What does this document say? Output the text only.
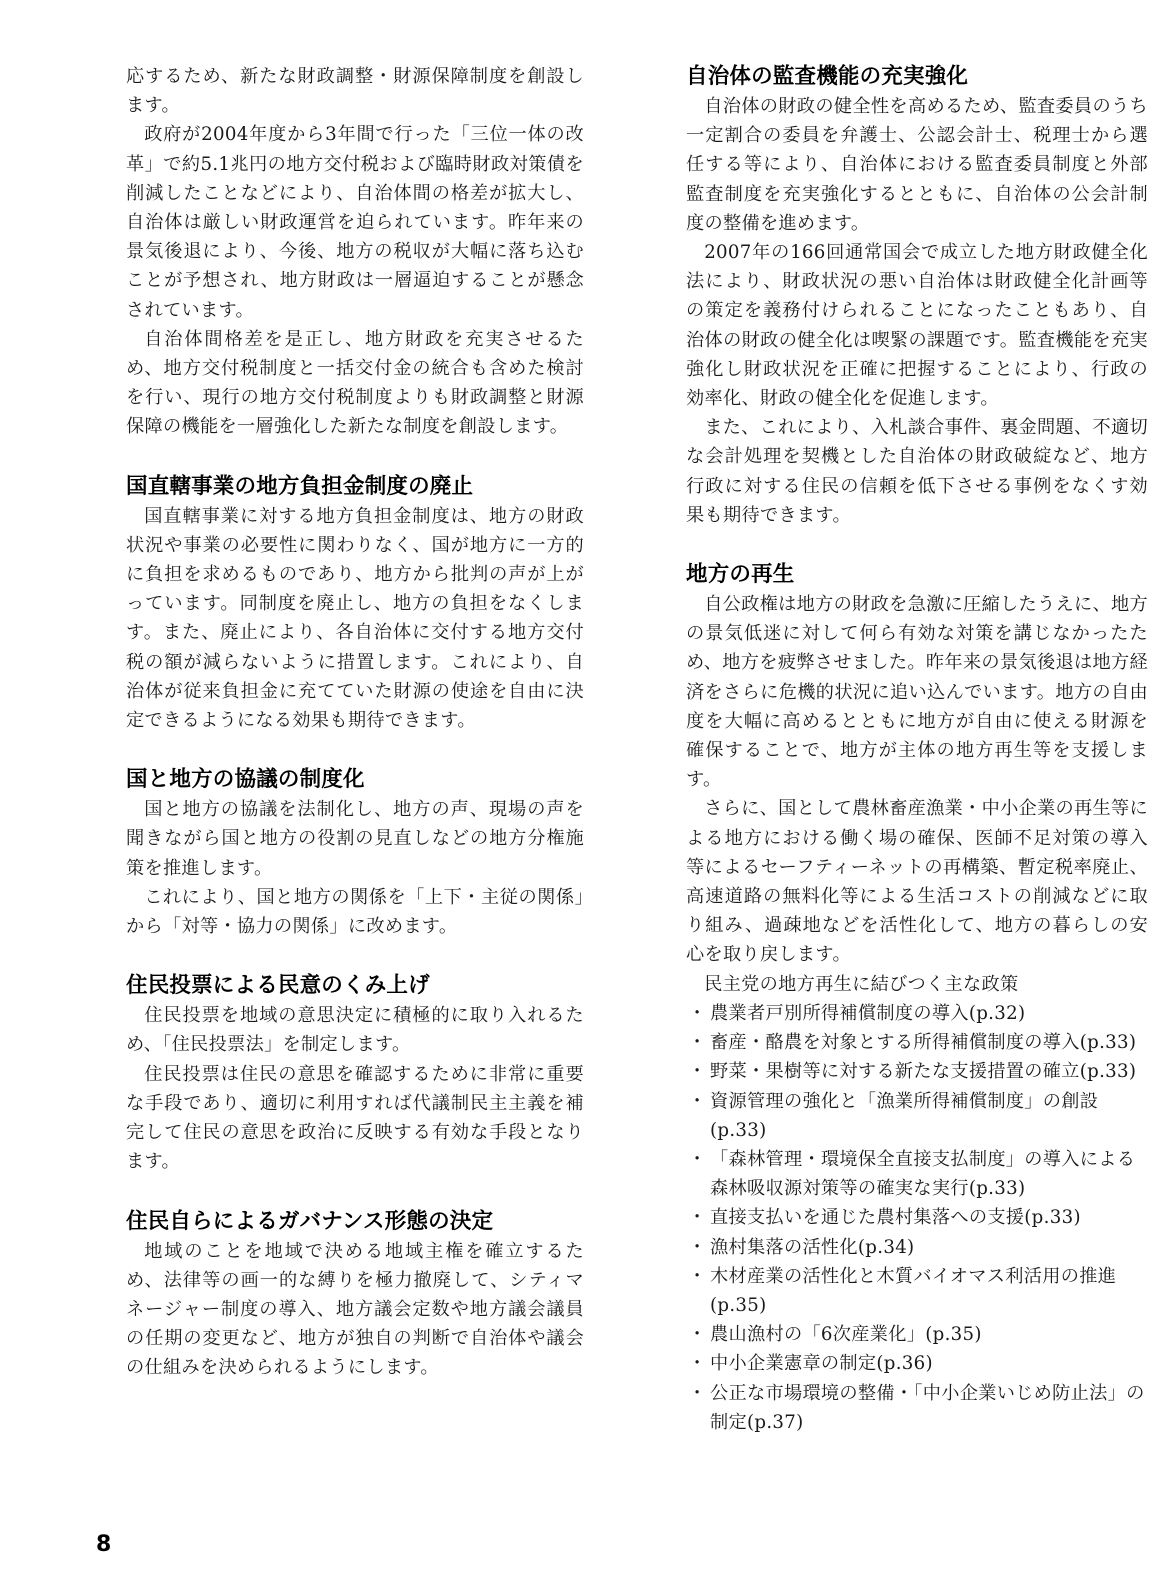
応するため、新たな財政調整・財源保障制度を創設します。

政府が2004年度から3年間で行った「三位一体の改革」で約5.1兆円の地方交付税および臨時財政対策債を削減したことなどにより、自治体間の格差が拡大し、自治体は厳しい財政運営を迫られています。昨年来の景気後退により、今後、地方の税収が大幅に落ち込むことが予想され、地方財政は一層逼迫することが懸念されています。

自治体間格差を是正し、地方財政を充実させるため、地方交付税制度と一括交付金の統合も含めた検討を行い、現行の地方交付税制度よりも財政調整と財源保障の機能を一層強化した新たな制度を創設します。

国直轄事業の地方負担金制度の廃止

国直轄事業に対する地方負担金制度は、地方の財政状況や事業の必要性に関わりなく、国が地方に一方的に負担を求めるものであり、地方から批判の声が上がっています。同制度を廃止し、地方の負担をなくします。また、廃止により、各自治体に交付する地方交付税の額が減らないように措置します。これにより、自治体が従来負担金に充てていた財源の使途を自由に決定できるようになる効果も期待できます。

国と地方の協議の制度化

国と地方の協議を法制化し、地方の声、現場の声を聞きながら国と地方の役割の見直しなどの地方分権施策を推進します。

これにより、国と地方の関係を「上下・主従の関係」から「対等・協力の関係」に改めます。

住民投票による民意のくみ上げ

住民投票を地域の意思決定に積極的に取り入れるため、「住民投票法」を制定します。

住民投票は住民の意思を確認するために非常に重要な手段であり、適切に利用すれば代議制民主主義を補完して住民の意思を政治に反映する有効な手段となります。

住民自らによるガバナンス形態の決定

地域のことを地域で決める地域主権を確立するため、法律等の画一的な縛りを極力撤廃して、シティマネージャー制度の導入、地方議会定数や地方議会議員の任期の変更など、地方が独自の判断で自治体や議会の仕組みを決められるようにします。

自治体の監査機能の充実強化

自治体の財政の健全性を高めるため、監査委員のうち一定割合の委員を弁護士、公認会計士、税理士から選任する等により、自治体における監査委員制度と外部監査制度を充実強化するとともに、自治体の公会計制度の整備を進めます。

2007年の166回通常国会で成立した地方財政健全化法により、財政状況の悪い自治体は財政健全化計画等の策定を義務付けられることになったこともあり、自治体の財政の健全化は喫緊の課題です。監査機能を充実強化し財政状況を正確に把握することにより、行政の効率化、財政の健全化を促進します。

また、これにより、入札談合事件、裏金問題、不適切な会計処理を契機とした自治体の財政破綻など、地方行政に対する住民の信頼を低下させる事例をなくす効果も期待できます。

地方の再生

自公政権は地方の財政を急激に圧縮したうえに、地方の景気低迷に対して何ら有効な対策を講じなかったため、地方を疲弊させました。昨年来の景気後退は地方経済をさらに危機的状況に追い込んでいます。地方の自由度を大幅に高めるとともに地方が自由に使える財源を確保することで、地方が主体の地方再生等を支援します。

さらに、国として農林畜産漁業・中小企業の再生等による地方における働く場の確保、医師不足対策の導入等によるセーフティーネットの再構築、暫定税率廃止、高速道路の無料化等による生活コストの削減などに取り組み、過疎地などを活性化して、地方の暮らしの安心を取り戻します。

民主党の地方再生に結びつく主な政策

・ 農業者戸別所得補償制度の導入(p.32)
・ 畜産・酪農を対象とする所得補償制度の導入(p.33)
・ 野菜・果樹等に対する新たな支援措置の確立(p.33)
・ 資源管理の強化と「漁業所得補償制度」の創設(p.33)
・ 「森林管理・環境保全直接支払制度」の導入による森林吸収源対策等の確実な実行(p.33)
・ 直接支払いを通じた農村集落への支援(p.33)
・ 漁村集落の活性化(p.34)
・ 木材産業の活性化と木質バイオマス利活用の推進(p.35)
・ 農山漁村の「6次産業化」(p.35)
・ 中小企業憲章の制定(p.36)
・ 公正な市場環境の整備・「中小企業いじめ防止法」の制定(p.37)
8
